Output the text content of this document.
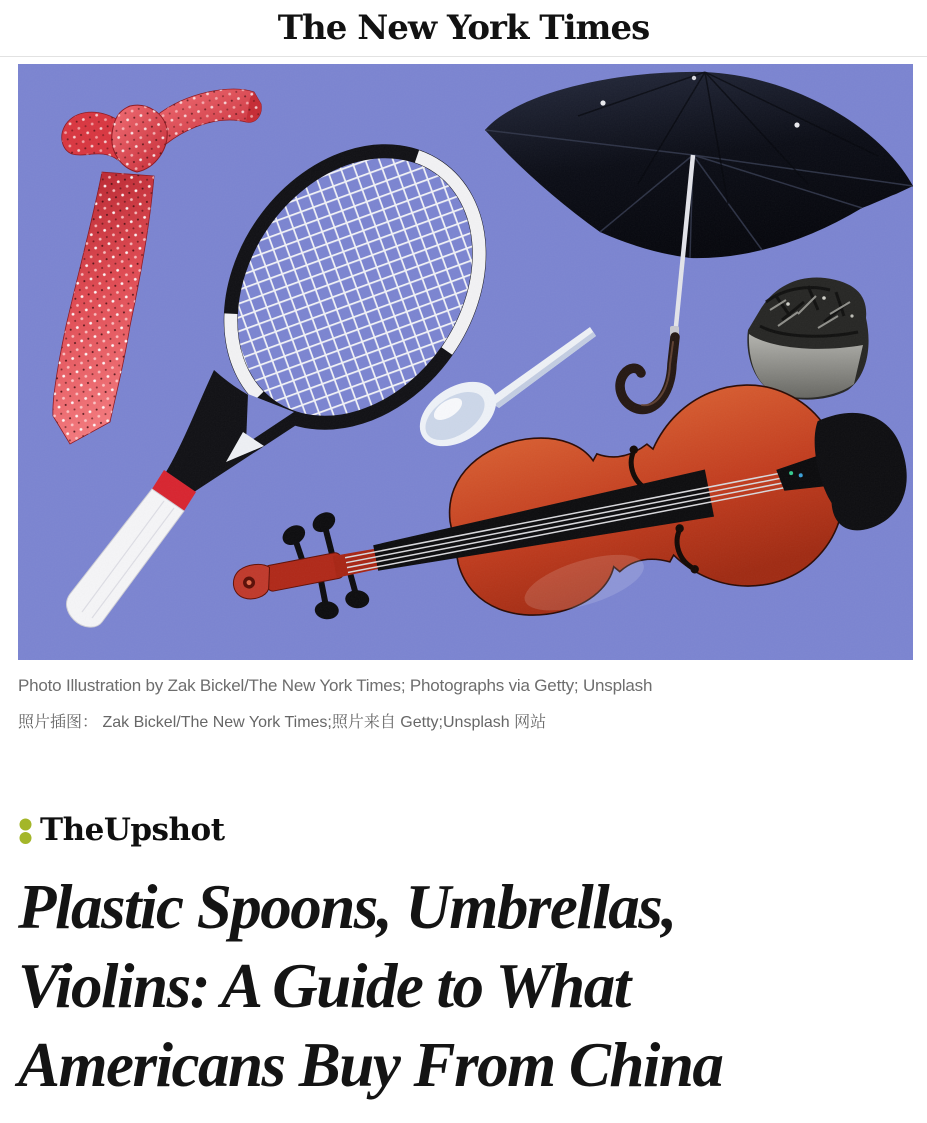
The New York Times
Photo Illustration by Zak Bickel/The New York Times; Photographs via Getty; Unsplash
照片插图： Zak Bickel/The New York Times;照片来自 Getty;Unsplash 网站
TheUpshot
Plastic Spoons, Umbrellas,
Violins: A Guide to What
Americans Buy From China
